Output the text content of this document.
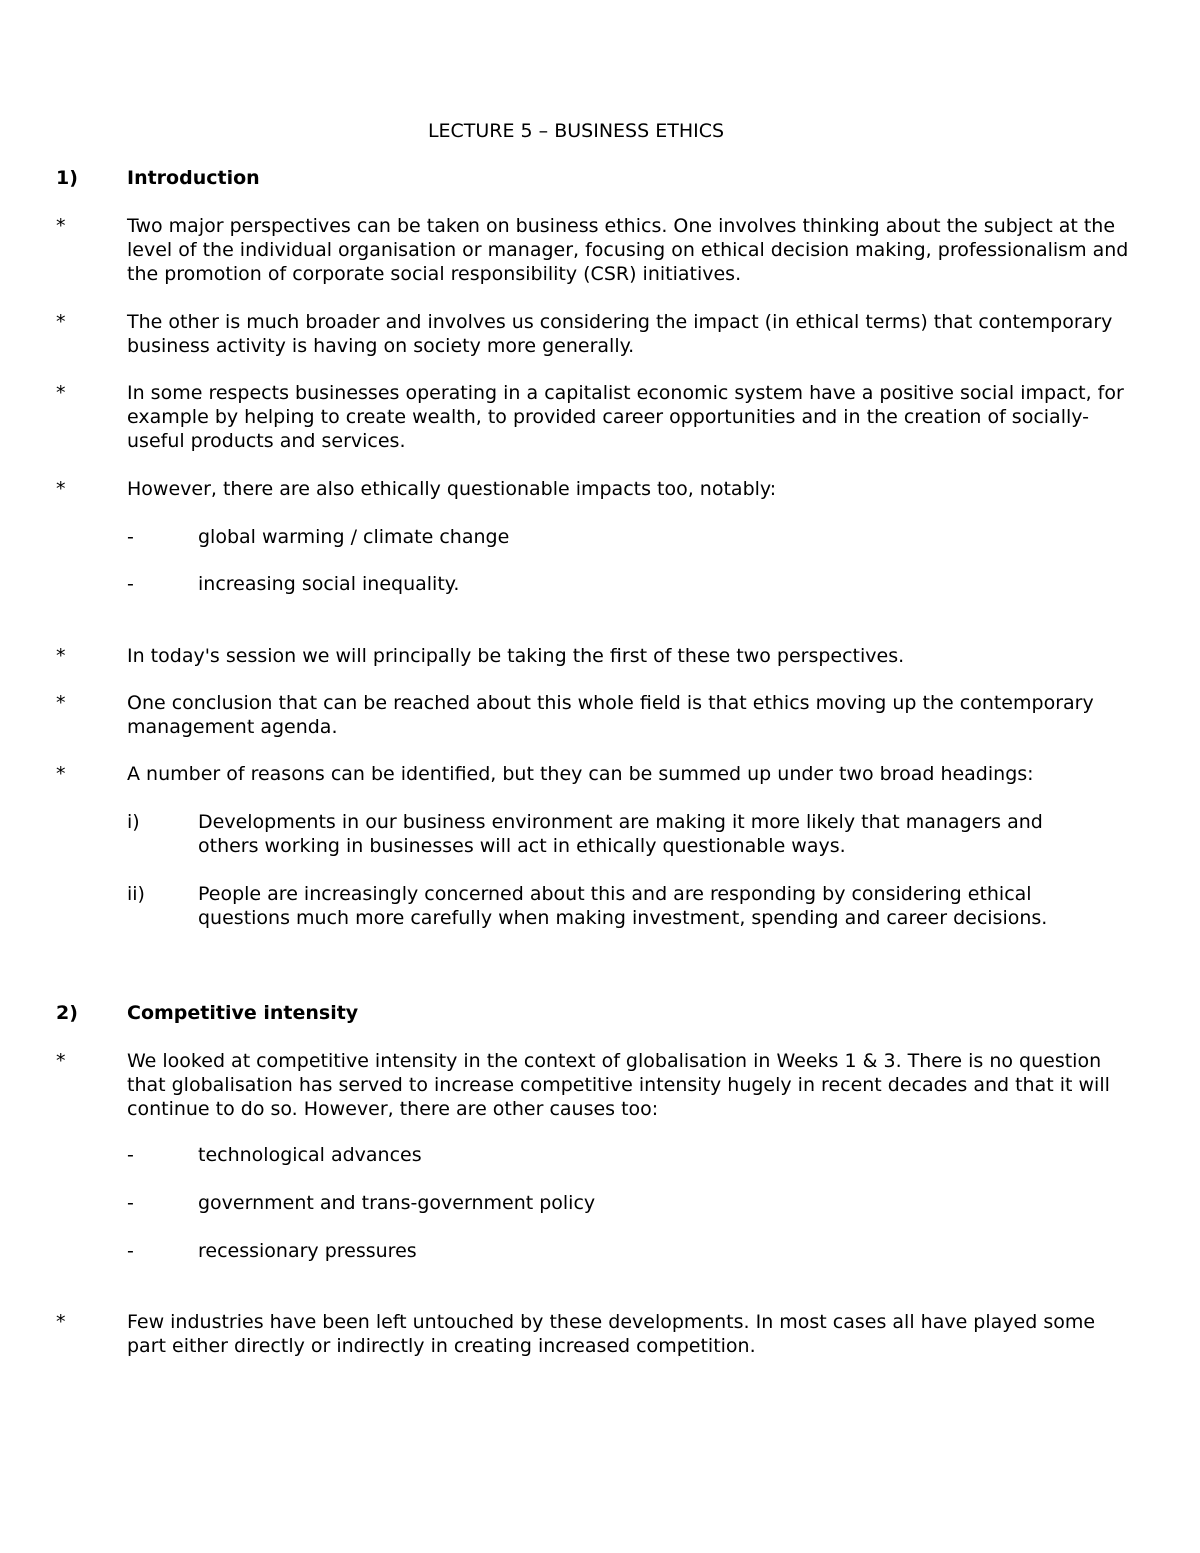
LECTURE 5 – BUSINESS ETHICS
1)	Introduction
*	Two major perspectives can be taken on business ethics. One involves thinking about the subject at the level of the individual organisation or manager, focusing on ethical decision making, professionalism and the promotion of corporate social responsibility (CSR) initiatives.
*	The other is much broader and involves us considering the impact (in ethical terms) that contemporary business activity is having on society more generally.
*	In some respects businesses operating in a capitalist economic system have a positive social impact, for example by helping to create wealth, to provided career opportunities and in the creation of socially-useful products and services.
*	However, there are also ethically questionable impacts too, notably:
-	global warming / climate change
-	increasing social inequality.
*	In today's session we will principally be taking the first of these two perspectives.
*	One conclusion that can be reached about this whole field is that ethics moving up the contemporary management agenda.
*	A number of reasons can be identified, but they can be summed up under two broad headings:
i)	Developments in our business environment are making it more likely that managers and others working in businesses will act in ethically questionable ways.
ii)	People are increasingly concerned about this and are responding by considering ethical questions much more carefully when making investment, spending and career decisions.
2)	Competitive intensity
*	We looked at competitive intensity in the context of globalisation in Weeks 1 & 3. There is no question that globalisation has served to increase competitive intensity hugely in recent decades and that it will continue to do so. However, there are other causes too:
-	technological advances
-	government and trans-government policy
-	recessionary pressures
*	Few industries have been left untouched by these developments. In most cases all have played some part either directly or indirectly in creating increased competition.
